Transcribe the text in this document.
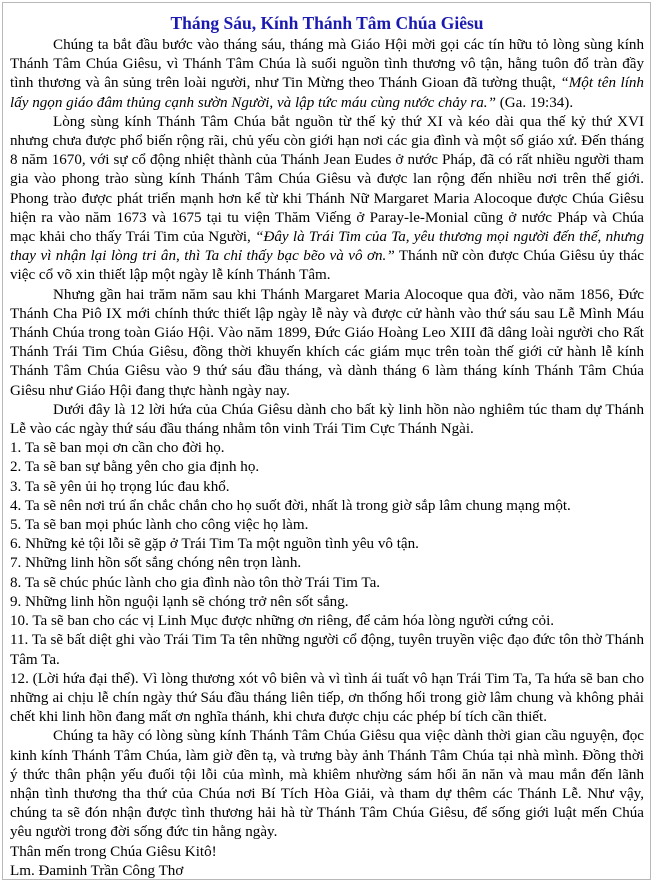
Tháng Sáu, Kính Thánh Tâm Chúa Giêsu

Chúng ta bắt đầu bước vào tháng sáu, tháng mà Giáo Hội mời gọi các tín hữu tỏ lòng sùng kính Thánh Tâm Chúa Giêsu, vì Thánh Tâm Chúa là suối nguồn tình thương vô tận, hằng tuôn đổ tràn đầy tình thương và ân sủng trên loài người, như Tin Mừng theo Thánh Gioan đã tường thuật, “Một tên lính lấy ngọn giáo đâm thủng cạnh sườn Người, và lập tức máu cùng nước chảy ra.” (Ga. 19:34).

Lòng sùng kính Thánh Tâm Chúa bắt nguồn từ thế kỷ thứ XI và kéo dài qua thế kỷ thứ XVI nhưng chưa được phổ biến rộng rãi, chủ yếu còn giới hạn nơi các gia đình và một số giáo xứ. Đến tháng 8 năm 1670, với sự cổ động nhiệt thành của Thánh Jean Eudes ở nước Pháp, đã có rất nhiều người tham gia vào phong trào sùng kính Thánh Tâm Chúa Giêsu và được lan rộng đến nhiều nơi trên thế giới. Phong trào được phát triển mạnh hơn kể từ khi Thánh Nữ Margaret Maria Alocoque được Chúa Giêsu hiện ra vào năm 1673 và 1675 tại tu viện Thăm Viếng ở Paray-le-Monial cũng ở nước Pháp và Chúa mạc khải cho thấy Trái Tim của Người, “Đây là Trái Tim của Ta, yêu thương mọi người đến thế, nhưng thay vì nhận lại lòng tri ân, thì Ta chỉ thấy bạc bẽo và vô ơn.” Thánh nữ còn được Chúa Giêsu ủy thác việc cổ võ xin thiết lập một ngày lễ kính Thánh Tâm.

Nhưng gần hai trăm năm sau khi Thánh Margaret Maria Alocoque qua đời, vào năm 1856, Đức Thánh Cha Piô IX mới chính thức thiết lập ngày lễ này và được cử hành vào thứ sáu sau Lễ Mình Máu Thánh Chúa trong toàn Giáo Hội. Vào năm 1899, Đức Giáo Hoàng Leo XIII đã dâng loài người cho Rất Thánh Trái Tim Chúa Giêsu, đồng thời khuyến khích các giám mục trên toàn thế giới cử hành lễ kính Thánh Tâm Chúa Giêsu vào 9 thứ sáu đầu tháng, và dành tháng 6 làm tháng kính Thánh Tâm Chúa Giêsu như Giáo Hội đang thực hành ngày nay.

Dưới đây là 12 lời hứa của Chúa Giêsu dành cho bất kỳ linh hồn nào nghiêm túc tham dự Thánh Lễ vào các ngày thứ sáu đầu tháng nhằm tôn vinh Trái Tim Cực Thánh Ngài.

1. Ta sẽ ban mọi ơn cần cho đời họ.
2. Ta sẽ ban sự bằng yên cho gia định họ.
3. Ta sẽ yên ủi họ trọng lúc đau khổ.
4. Ta sẽ nên nơi trú ẩn chắc chắn cho họ suốt đời, nhất là trong giờ sắp lâm chung mạng một.
5. Ta sẽ ban mọi phúc lành cho công việc họ làm.
6. Những kẻ tội lỗi sẽ gặp ở Trái Tim Ta một nguồn tình yêu vô tận.
7. Những linh hồn sốt sắng chóng nên trọn lành.
8. Ta sẽ chúc phúc lành cho gia đình nào tôn thờ Trái Tim Ta.
9. Những linh hồn nguội lạnh sẽ chóng trở nên sốt sắng.
10. Ta sẽ ban cho các vị Linh Mục được những ơn riêng, để cảm hóa lòng người cứng cỏi.
11. Ta sẽ bất diệt ghi vào Trái Tim Ta tên những người cổ động, tuyên truyền việc đạo đức tôn thờ Thánh Tâm Ta.
12. (Lời hứa đại thể). Vì lòng thương xót vô biên và vì tình ái tuất vô hạn Trái Tim Ta, Ta hứa sẽ ban cho những ai chịu lễ chín ngày thứ Sáu đầu tháng liên tiếp, ơn thống hối trong giờ lâm chung và không phải chết khi linh hồn đang mất ơn nghĩa thánh, khi chưa được chịu các phép bí tích cần thiết.

Chúng ta hãy có lòng sùng kính Thánh Tâm Chúa Giêsu qua việc dành thời gian cầu nguyện, đọc kinh kính Thánh Tâm Chúa, làm giờ đền tạ, và trưng bày ảnh Thánh Tâm Chúa tại nhà mình. Đồng thời ý thức thân phận yếu đuối tội lỗi của mình, mà khiêm nhường sám hối ăn năn và mau mắn đến lãnh nhận tình thương tha thứ của Chúa nơi Bí Tích Hòa Giải, và tham dự thêm các Thánh Lễ. Như vậy, chúng ta sẽ đón nhận được tình thương hải hà từ Thánh Tâm Chúa Giêsu, để sống giới luật mến Chúa yêu người trong đời sống đức tin hằng ngày.

Thân mến trong Chúa Giêsu Kitô!

Lm. Đaminh Trần Công Thơ
